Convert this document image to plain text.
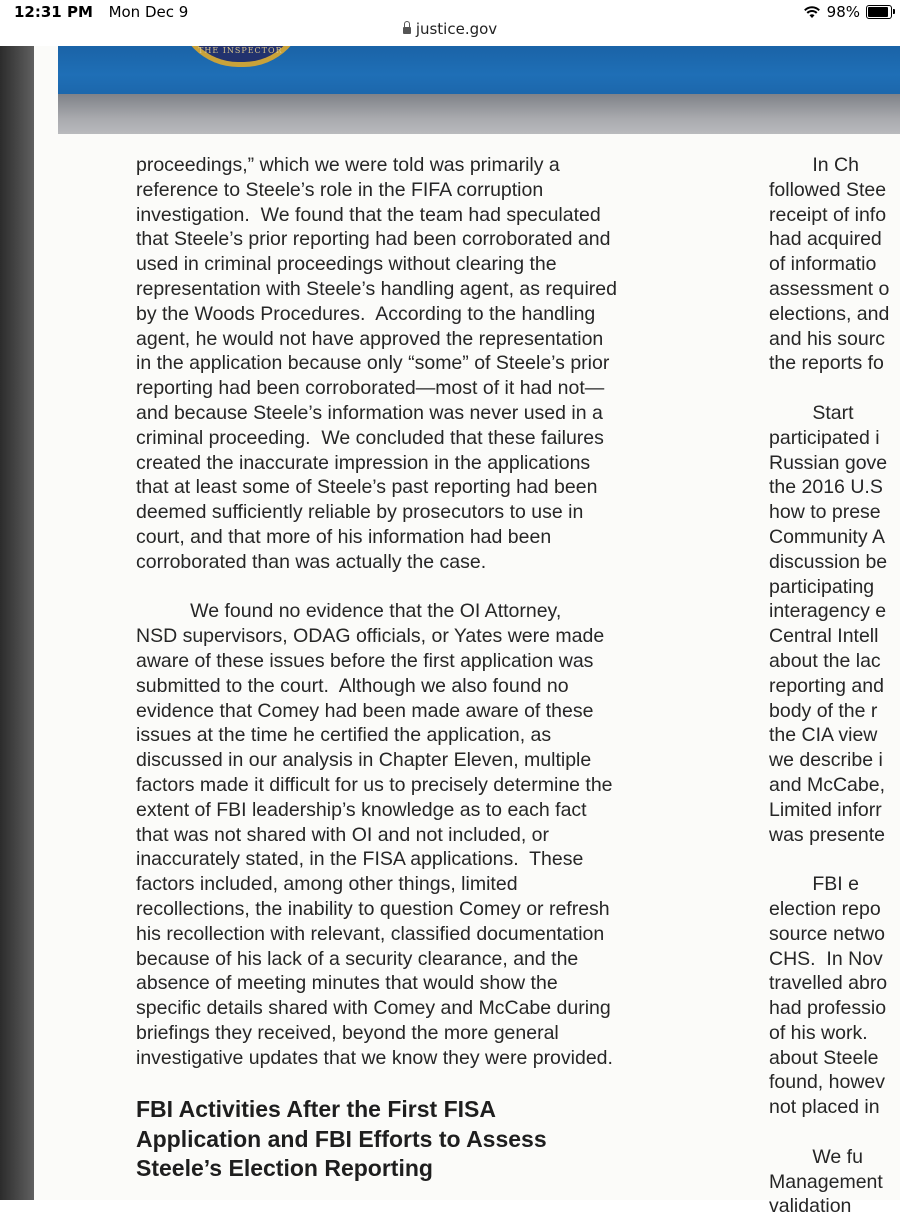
12:31 PM Mon Dec 9	98%
justice.gov
THE INSPECTOR
proceedings,” which we were told was primarily a
reference to Steele’s role in the FIFA corruption
investigation.  We found that the team had speculated
that Steele’s prior reporting had been corroborated and
used in criminal proceedings without clearing the
representation with Steele’s handling agent, as required
by the Woods Procedures.  According to the handling
agent, he would not have approved the representation
in the application because only “some” of Steele’s prior
reporting had been corroborated—most of it had not—
and because Steele’s information was never used in a
criminal proceeding.  We concluded that these failures
created the inaccurate impression in the applications
that at least some of Steele’s past reporting had been
deemed sufficiently reliable by prosecutors to use in
court, and that more of his information had been
corroborated than was actually the case.

We found no evidence that the OI Attorney,
NSD supervisors, ODAG officials, or Yates were made
aware of these issues before the first application was
submitted to the court.  Although we also found no
evidence that Comey had been made aware of these
issues at the time he certified the application, as
discussed in our analysis in Chapter Eleven, multiple
factors made it difficult for us to precisely determine the
extent of FBI leadership’s knowledge as to each fact
that was not shared with OI and not included, or
inaccurately stated, in the FISA applications.  These
factors included, among other things, limited
recollections, the inability to question Comey or refresh
his recollection with relevant, classified documentation
because of his lack of a security clearance, and the
absence of meeting minutes that would show the
specific details shared with Comey and McCabe during
briefings they received, beyond the more general
investigative updates that we know they were provided.
FBI Activities After the First FISA
Application and FBI Efforts to Assess
Steele’s Election Reporting
In Ch
followed Stee
receipt of info
had acquired
of informatio
assessment o
elections, and
and his sourc
the reports fo

Start
participated i
Russian gove
the 2016 U.S
how to prese
Community A
discussion be
participating
interagency e
Central Intell
about the lac
reporting and
body of the r
the CIA view
we describe i
and McCabe,
Limited inforr
was presente

FBI e
election repo
source netwo
CHS.  In Nov
travelled abro
had professio
of his work.
about Steele
found, howev
not placed in

We fu
Management
validation
